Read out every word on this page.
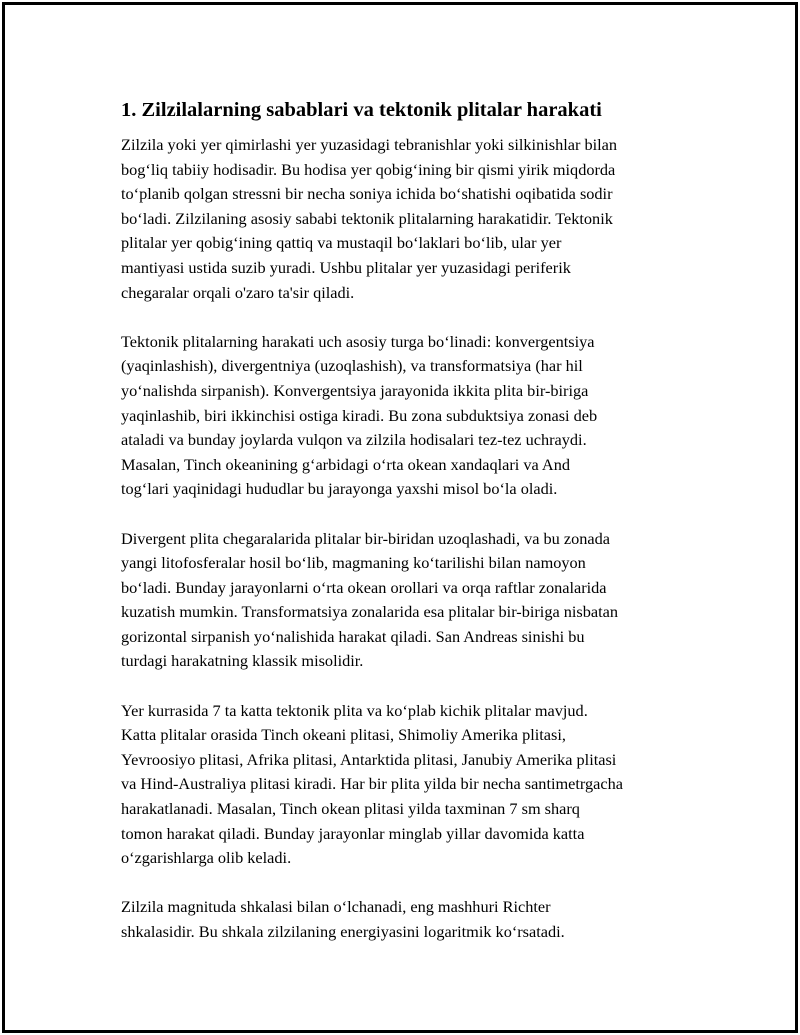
1. Zilzilalarning sabablari va tektonik plitalar harakati
Zilzila yoki yer qimirlashi yer yuzasidagi tebranishlar yoki silkinishlar bilan
bog‘liq tabiiy hodisadir. Bu hodisa yer qobig‘ining bir qismi yirik miqdorda
to‘planib qolgan stressni bir necha soniya ichida bo‘shatishi oqibatida sodir
bo‘ladi. Zilzilaning asosiy sababi tektonik plitalarning harakatidir. Tektonik
plitalar yer qobig‘ining qattiq va mustaqil bo‘laklari bo‘lib, ular yer
mantiyasi ustida suzib yuradi. Ushbu plitalar yer yuzasidagi periferik
chegaralar orqali o'zaro ta'sir qiladi.
Tektonik plitalarning harakati uch asosiy turga bo‘linadi: konvergentsiya
(yaqinlashish), divergentniya (uzoqlashish), va transformatsiya (har hil
yo‘nalishda sirpanish). Konvergentsiya jarayonida ikkita plita bir-biriga
yaqinlashib, biri ikkinchisi ostiga kiradi. Bu zona subduktsiya zonasi deb
ataladi va bunday joylarda vulqon va zilzila hodisalari tez-tez uchraydi.
Masalan, Tinch okeanining g‘arbidagi o‘rta okean xandaqlari va And
tog‘lari yaqinidagi hududlar bu jarayonga yaxshi misol bo‘la oladi.
Divergent plita chegaralarida plitalar bir-biridan uzoqlashadi, va bu zonada
yangi litofosferalar hosil bo‘lib, magmaning ko‘tarilishi bilan namoyon
bo‘ladi. Bunday jarayonlarni o‘rta okean orollari va orqa raftlar zonalarida
kuzatish mumkin. Transformatsiya zonalarida esa plitalar bir-biriga nisbatan
gorizontal sirpanish yo‘nalishida harakat qiladi. San Andreas sinishi bu
turdagi harakatning klassik misolidir.
Yer kurrasida 7 ta katta tektonik plita va ko‘plab kichik plitalar mavjud.
Katta plitalar orasida Tinch okeani plitasi, Shimoliy Amerika plitasi,
Yevroosiyo plitasi, Afrika plitasi, Antarktida plitasi, Janubiy Amerika plitasi
va Hind-Australiya plitasi kiradi. Har bir plita yilda bir necha santimetrgacha
harakatlanadi. Masalan, Tinch okean plitasi yilda taxminan 7 sm sharq
tomon harakat qiladi. Bunday jarayonlar minglab yillar davomida katta
o‘zgarishlarga olib keladi.
Zilzila magnituda shkalasi bilan o‘lchanadi, eng mashhuri Richter
shkalasidir. Bu shkala zilzilaning energiyasini logaritmik ko‘rsatadi.
